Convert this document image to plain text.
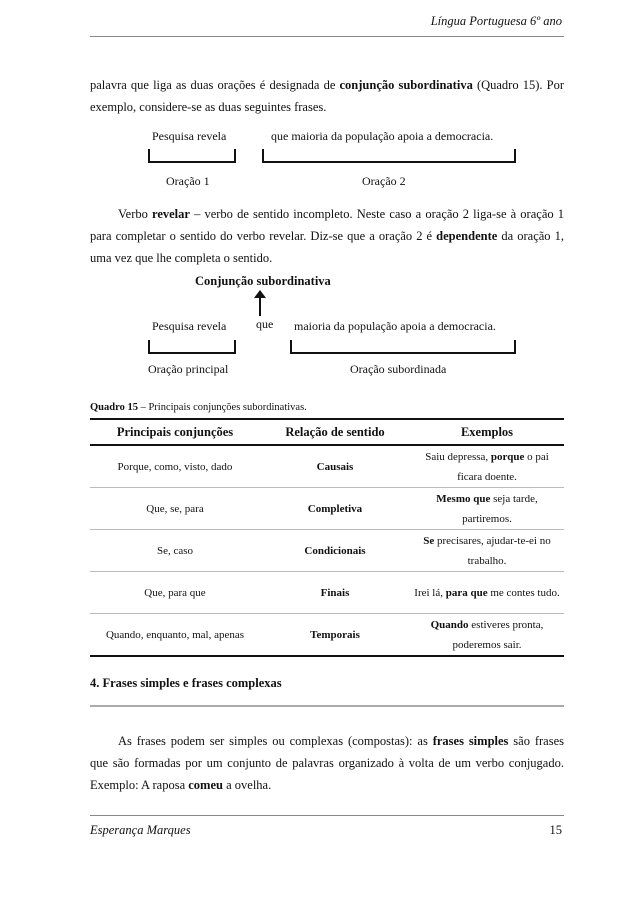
Língua Portuguesa 6º ano

palavra que liga as duas orações é designada de conjunção subordinativa (Quadro 15). Por exemplo, considere-se as duas seguintes frases.

Pesquisa revela	que maioria da população apoia a democracia.
Oração 1	Oração 2

Verbo revelar – verbo de sentido incompleto. Neste caso a oração 2 liga-se à oração 1 para completar o sentido do verbo revelar. Diz-se que a oração 2 é dependente da oração 1, uma vez que lhe completa o sentido.

Conjunção subordinativa
Pesquisa revela que maioria da população apoia a democracia.
Oração principal	Oração subordinada
Quadro 15 – Principais conjunções subordinativas.
Principais conjunções	Relação de sentido	Exemplos
Porque, como, visto, dado	Causais	Saiu depressa, porque o pai ficara doente.
Que, se, para	Completiva	Mesmo que seja tarde, partiremos.
Se, caso	Condicionais	Se precisares, ajudar-te-ei no trabalho.
Que, para que	Finais	Irei lá, para que me contes tudo.
Quando, enquanto, mal, apenas	Temporais	Quando estiveres pronta, poderemos sair.
4. Frases simples e frases complexas

As frases podem ser simples ou complexas (compostas): as frases simples são frases que são formadas por um conjunto de palavras organizado à volta de um verbo conjugado. Exemplo: A raposa comeu a ovelha.

Esperança Marques	15
